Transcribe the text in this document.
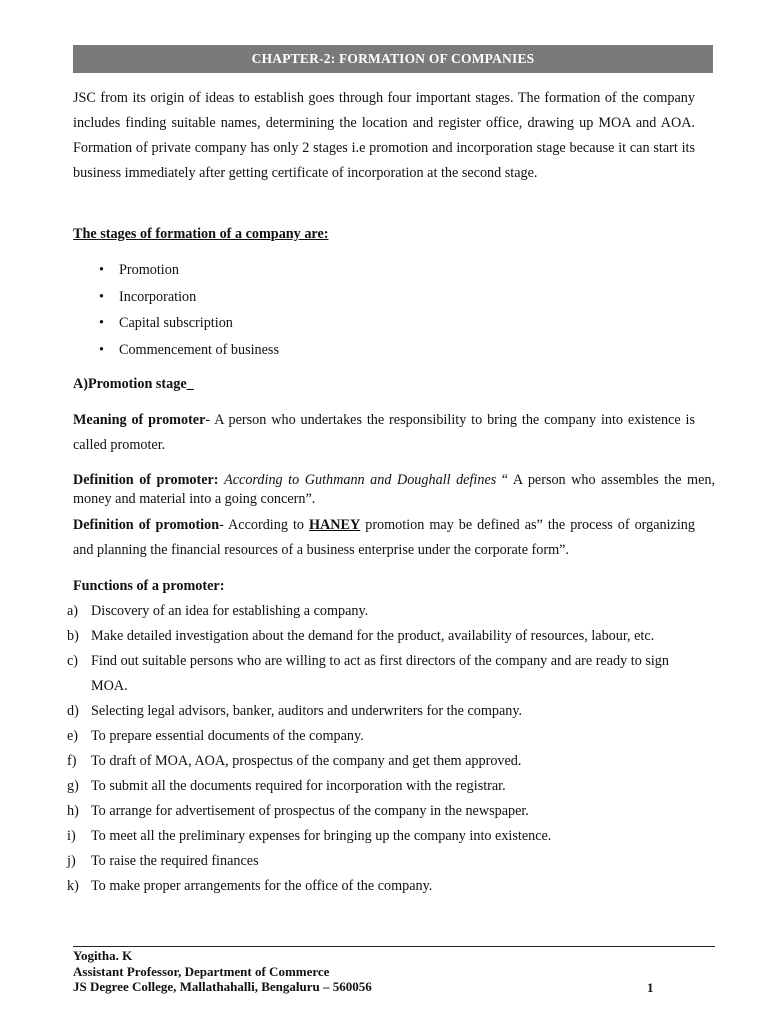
CHAPTER-2: FORMATION OF COMPANIES

JSC from its origin of ideas to establish goes through four important stages. The formation of the company includes finding suitable names, determining the location and register office, drawing up MOA and AOA. Formation of private company has only 2 stages i.e promotion and incorporation stage because it can start its business immediately after getting certificate of incorporation at the second stage.

The stages of formation of a company are:

• Promotion
• Incorporation
• Capital subscription
• Commencement of business

A)Promotion stage_

Meaning of promoter- A person who undertakes the responsibility to bring the company into existence is called promoter.

Definition of promoter: According to Guthmann and Doughall defines “ A person who assembles the men, money and material into a going concern”.

Definition of promotion- According to HANEY promotion may be defined as” the process of organizing and planning the financial resources of a business enterprise under the corporate form”.

Functions of a promoter:

a) Discovery of an idea for establishing a company.
b) Make detailed investigation about the demand for the product, availability of resources, labour, etc.
c) Find out suitable persons who are willing to act as first directors of the company and are ready to sign MOA.
d) Selecting legal advisors, banker, auditors and underwriters for the company.
e) To prepare essential documents of the company.
f) To draft of MOA, AOA, prospectus of the company and get them approved.
g) To submit all the documents required for incorporation with the registrar.
h) To arrange for advertisement of prospectus of the company in the newspaper.
i) To meet all the preliminary expenses for bringing up the company into existence.
j) To raise the required finances
k) To make proper arrangements for the office of the company.
Yogitha. K
Assistant Professor, Department of Commerce
JS Degree College, Mallathahalli, Bengaluru – 560056	1
